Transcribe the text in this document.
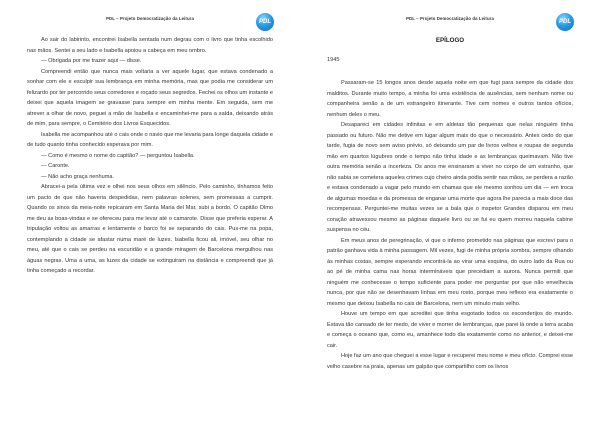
PDL – Projeto Democratização da Leitura
PDL

Ao sair do labirinto, encontrei Isabella sentada num degrau com o livro que tinha escolhido nas mãos. Sentei a seu lado e Isabella apoiou a cabeça em meu ombro.

— Obrigada por me trazer aqui — disse.

Compreendi então que nunca mais voltaria a ver aquele lugar, que estava condenado a sonhar com ele e esculpir sua lembrança em minha memória, mas que podia me considerar um felizardo por ter percorrido seus corredores e roçado seus segredos. Fechei os olhos um instante e deixei que aquela imagem se gravasse para sempre em minha mente. Em seguida, sem me atrever a olhar de novo, peguei a mão de Isabella e encaminhei-me para a saída, deixando atrás de mim, para sempre, o Cemitério dos Livros Esquecidos.

Isabella me acompanhou até o cais onde o navio que me levaria para longe daquela cidade e de tudo quanto tinha conhecido esperava por mim.

— Como é mesmo o nome do capitão? — perguntou Isabella.

— Caronte.

— Não acho graça nenhuma.

Abracei-a pela última vez e olhei nos seus olhos em silêncio. Pelo caminho, tínhamos feito um pacto de que não haveria despedidas, nem palavras solenes, sem promessas a cumprir. Quando os sinos da meia-noite repicaram em Santa Maria del Mar, subi a bordo. O capitão Olmo me deu as boas-vindas e se ofereceu para me levar até o camarote. Disse que preferia esperar. A tripulação voltou as amarras e lentamente o barco foi se separando do cais. Pus-me na popa, contemplando a cidade se afastar numa maré de luzes. Isabella ficou ali, imóvel, seu olhar no meu, até que o cais se perdeu na escuridão e a grande miragem de Barcelona mergulhou nas águas negras. Uma a uma, as luzes da cidade se extinguiram na distância e compreendi que já tinha começado a recordar.

PDL – Projeto Democratização da Leitura
PDL
EPÍLOGO
1945

Passaram-se 15 longos anos desde aquela noite em que fugi para sempre da cidade dos malditos. Durante muito tempo, a minha foi uma existência de ausências, sem nenhum nome ou companheira senão a de um estrangeiro itinerante. Tive cem nomes e outros tantos ofícios, nenhum deles o meu.

Desapareci em cidades infinitas e em aldeias tão pequenas que nelas ninguém tinha passado ou futuro. Não me detive em lugar algum mais do que o necessário. Antes cedo do que tarde, fugia de novo sem aviso prévio, só deixando um par de livros velhos e roupas de segunda mão em quartos lúgubres onde o tempo não tinha idade e as lembranças queimavam. Não tive outra memória senão a incerteza. Os anos me ensinaram a viver no corpo de um estranho, que não sabia se cometera aqueles crimes cujo cheiro ainda podia sentir nas mãos, se perdera a razão e estava condenado a vagar pelo mundo em chamas que ele mesmo sonhou um dia — em troca de algumas moedas e da promessa de enganar uma morte que agora lhe parecia a mais doce das recompensas. Perguntei-me muitas vezes se a bala que o inspetor Grandes disparou em meu coração atravessou mesmo as páginas daquele livro ou se fui eu quem morreu naquela cabine suspensa no céu.

Em meus anos de peregrinação, vi que o inferno prometido nas páginas que escrevi para o patrão ganhava vida à minha passagem. Mil vezes, fugi de minha própria sombra, sempre olhando às minhas costas, sempre esperando encontrá-la ao virar uma esquina, do outro lado da Rua ou ao pé de minha cama nas horas intermináveis que precediam a aurora. Nunca permiti que ninguém me conhecesse o tempo suficiente para poder me perguntar por que não envelhecia nunca, por que não se desenhavam linhas em meu rosto, porque meu reflexo era exatamente o mesmo que deixou Isabella no cais de Barcelona, nem um minuto mais velho.

Houve um tempo em que acreditei que tinha esgotado todos os esconderijos do mundo. Estava tão cansado de ter medo, de viver e morrer de lembranças, que parei lá onde a terra acaba e começa o oceano que, como eu, amanhece todo dia exatamente como no anterior, e deixei-me cair.

Hoje faz um ano que cheguei a esse lugar e recuperei meu nome e meu ofício. Comprei esse velho casebre na praia, apenas um galpão que compartilho com os livros
